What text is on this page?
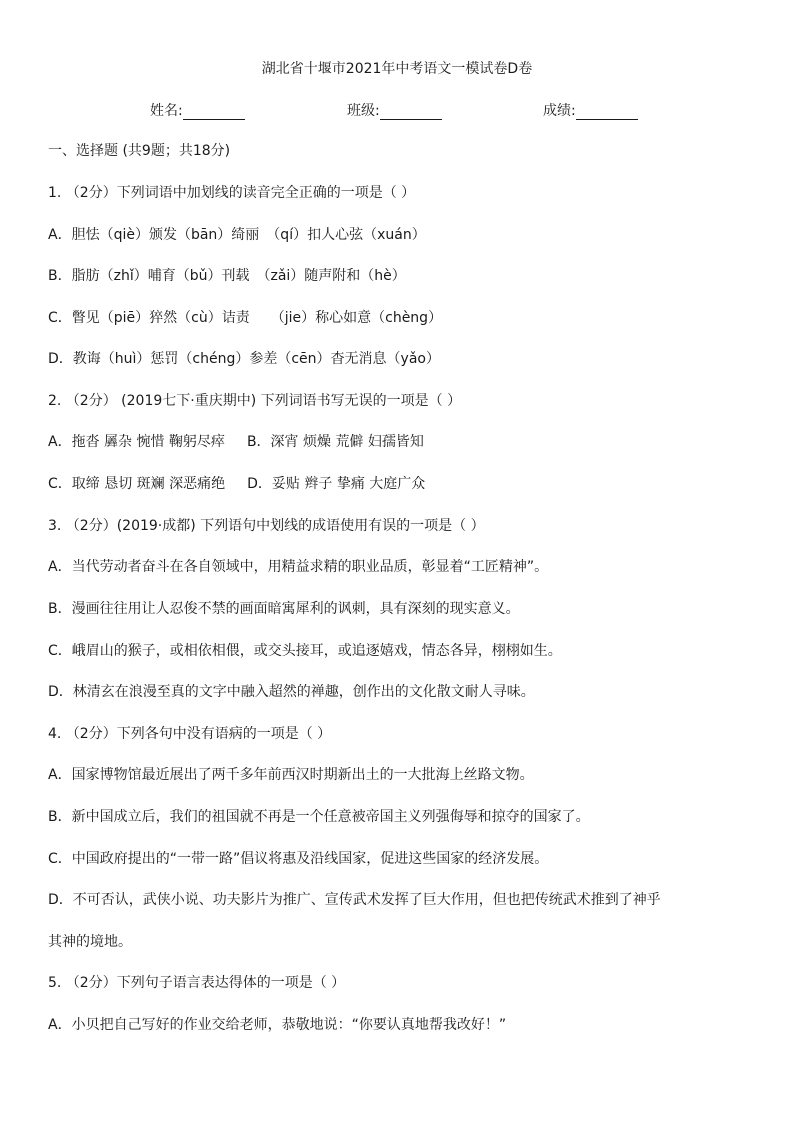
湖北省十堰市2021年中考语文一模试卷D卷
姓名:	班级:	成绩:
一、选择题 (共9题；共18分)
1. （2分）下列词语中加划线的读音完全正确的一项是（ ）
A．胆怯（qiè）颁发（bān）绮丽　（qí）扣人心弦（xuán）
B．脂肪（zhǐ）哺育（bǔ）刊载　（zǎi）随声附和（hè）
C．瞥见（piē）猝然（cù）诘责　　（jie）称心如意（chèng）
D．教诲（huì）惩罚（chéng）参差（cēn）杳无消息（yǎo）
2. （2分） (2019七下·重庆期中) 下列词语书写无误的一项是（ ）
A．拖沓 羼杂 惋惜 鞠躬尽瘁 B．深宵 烦燥 荒僻 妇孺皆知
C．取缔 恳切 斑斓 深恶痛绝 D．妥贴 辫子 挚痛 大庭广众
3. （2分）(2019·成都) 下列语句中划线的成语使用有误的一项是（ ）
A．当代劳动者奋斗在各自领域中，用精益求精的职业品质，彰显着“工匠精神”。
B．漫画往往用让人忍俊不禁的画面暗寓犀利的讽刺，具有深刻的现实意义。
C．峨眉山的猴子，或相依相偎，或交头接耳，或追逐嬉戏，情态各异，栩栩如生。
D．林清玄在浪漫至真的文字中融入超然的禅趣，创作出的文化散文耐人寻味。
4. （2分）下列各句中没有语病的一项是（ ）
A．国家博物馆最近展出了两千多年前西汉时期新出土的一大批海上丝路文物。
B．新中国成立后，我们的祖国就不再是一个任意被帝国主义列强侮辱和掠夺的国家了。
C．中国政府提出的“一带一路”倡议将惠及沿线国家，促进这些国家的经济发展。
D．不可否认，武侠小说、功夫影片为推广、宣传武术发挥了巨大作用，但也把传统武术推到了神乎
其神的境地。
5. （2分）下列句子语言表达得体的一项是（ ）
A．小贝把自己写好的作业交给老师，恭敬地说：“你要认真地帮我改好！”
